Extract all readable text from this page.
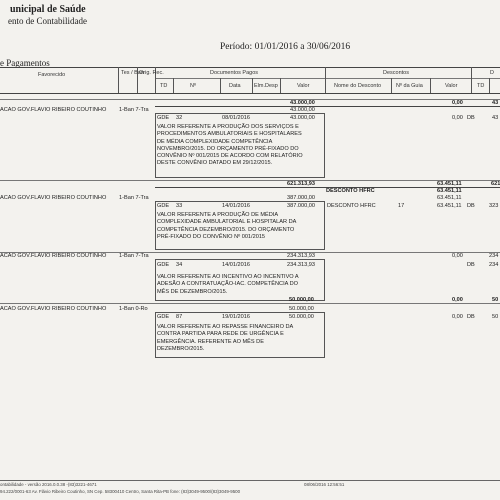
unicipal de Saúde
ento de Contabilidade
Período: 01/01/2016 a 30/06/2016
e Pagamentos
Favorecido	Tes / Ban
Orig. Rec.	Documentos Pagos	Descontos	D
TD	Nº	Data Elm.Desp	Valor	Nome do Desconto	Nº da Guia	Valor	TD
43.000,00	0,00	43
ACAO GOV.FLAVIO RIBEIRO COUTINHO 1-Ban 7-Tra	43.000,00
GDE 32	08/01/2016	43.000,00	0,00 DB	43
VALOR REFERENTE A PRODUÇÃO DOS SERVIÇOS E PROCEDIMENTOS AMBULATORIAIS E HOSPITALARES DE MÉDIA COMPLEXIDADE COMPETÊNCIA NOVEMBRO/2015. DO ORÇAMENTO PRÉ-FIXADO DO CONVÊNIO Nº 001/2015 DE ACORDO COM RELATÓRIO DESTE CONVÊNIO DATADO EM 29/12/2015.
621.313,93	63.451,11	621
DESCONTO HFRC	63.451,11
ACAO GOV.FLAVIO RIBEIRO COUTINHO 1-Ban 7-Tra	387.000,00	63.451,11
GDE 33	14/01/2016	387.000,00 DESCONTO HFRC	17	63.451,11 DB	323
VALOR REFERENTE A PRODUÇÃO DE MÉDIA COMPLEXIDADE AMBULATORIAL E HOSPITALAR DA COMPETÊNCIA DEZEMBRO/2015. DO ORÇAMENTO PRÉ-FIXADO DO CONVÊNIO Nº 001/2015
ACAO GOV.FLAVIO RIBEIRO COUTINHO 1-Ban 7-Tra	234.313,93	0,00	234
GDE 34	14/01/2016	234.313,93	DB	234
VALOR REFERENTE AO INCENTIVO AO INCENTIVO A ADESÃO A CONTRATUAÇÃO-IAC. COMPETÊNCIA DO MÊS DE DEZEMBRO/2015.
50.000,00	0,00	50
ACAO GOV.FLAVIO RIBEIRO COUTINHO 1-Ban 0-Ro	50.000,00
GDE 87	19/01/2016	50.000,00	0,00 DB	50
VALOR REFERENTE AO REPASSE FINANCEIRO DA CONTRA PARTIDA PARA REDE DE URGÊNCIA E EMERGÊNCIA. REFERENTE AO MÊS DE DEZEMBRO/2015.
ontabilidade - versão 2016.0.0.38 -(83)3221-4671	08/06/2016 12:56:51
94.222/0001-63 Av. Flávio Ribeiro Coutinho, SN Cep. 58300410 Centro, Santa Rita-PB fone: (83)3049-9500/(83)3049-9500
